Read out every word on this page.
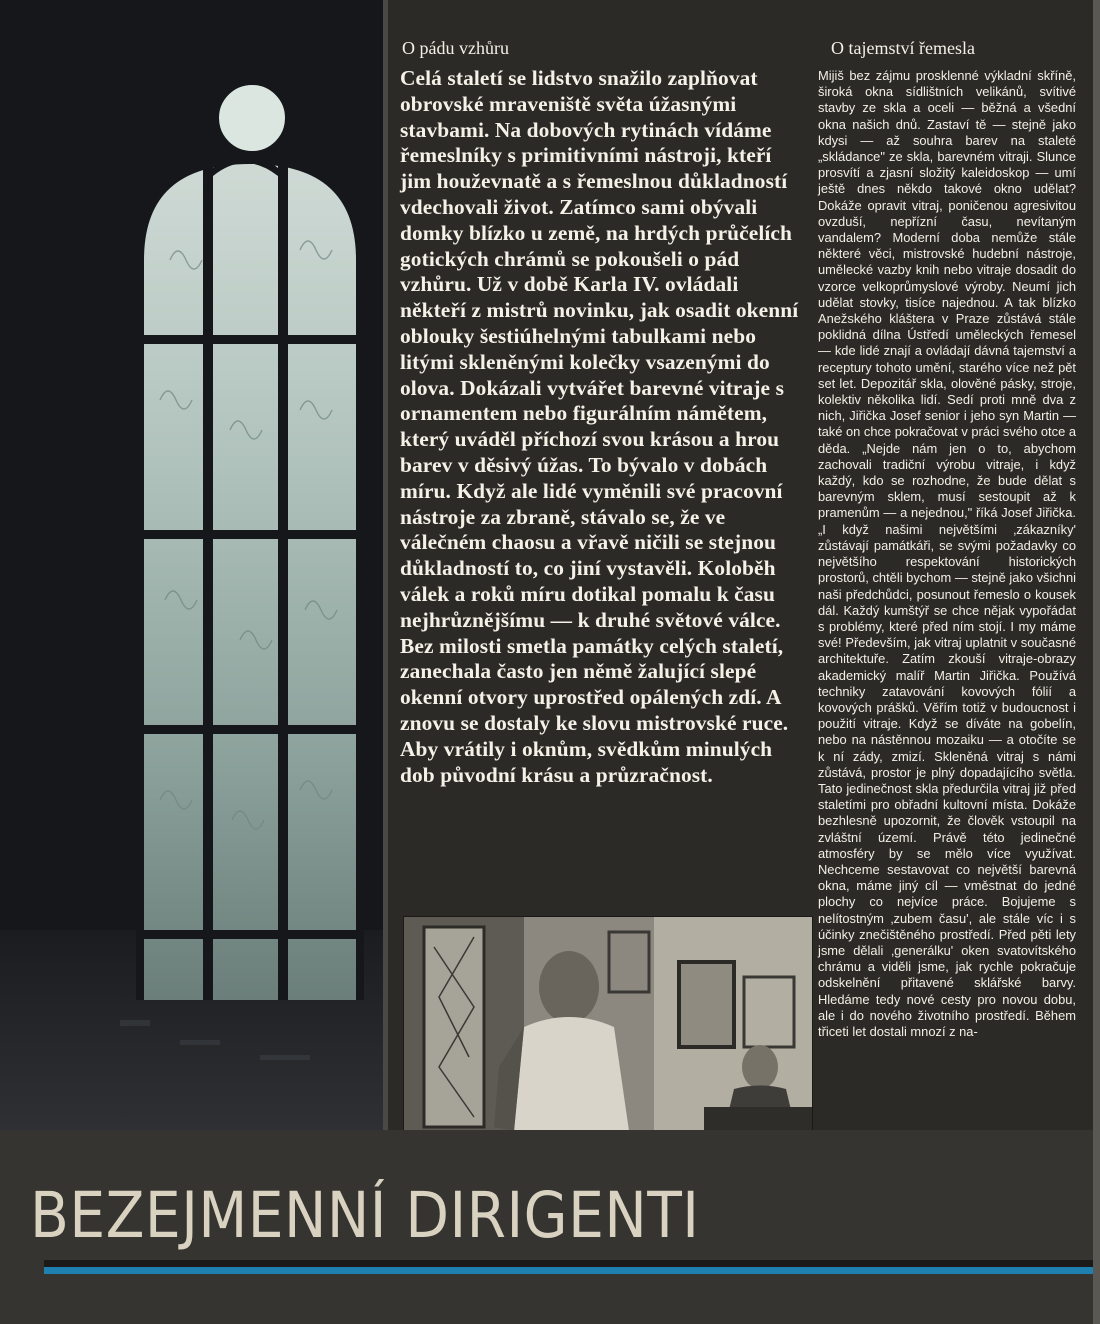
O pádu vzhůru

Celá staletí se lidstvo snažilo zaplňovat obrovské mraveniště světa úžasnými stavbami. Na dobových rytinách vídáme řemeslníky s primitivními nástroji, kteří jim houževnatě a s řemeslnou důkladností vdechovali život. Zatímco sami obývali domky blízko u země, na hrdých průčelích gotických chrámů se pokoušeli o pád vzhůru. Už v době Karla IV. ovládali někteří z mistrů novinku, jak osadit okenní oblouky šestiúhelnými tabulkami nebo litými skleněnými kolečky vsazenými do olova. Dokázali vytvářet barevné vitraje s ornamentem nebo figurálním námětem, který uváděl příchozí svou krásou a hrou barev v děsivý úžas. To bývalo v dobách míru. Když ale lidé vyměnili své pracovní nástroje za zbraně, stávalo se, že ve válečném chaosu a vřavě ničili se stejnou důkladností to, co jiní vystavěli. Koloběh válek a roků míru dotikal pomalu k času nejhrůznějšímu — k druhé světové válce. Bez milosti smetla památky celých staletí, zanechala často jen němě žalující slepé okenní otvory uprostřed opálených zdí. A znovu se dostaly ke slovu mistrovské ruce. Aby vrátily i oknům, svědkům minulých dob původní krásu a průzračnost.

O tajemství řemesla

Mijiš bez zájmu prosklenné výkladní skříně, široká okna sídlištních velikánů, svítivé stavby ze skla a oceli — běžná a všední okna našich dnů. Zastaví tě — stejně jako kdysi — až souhra barev na staleté „skládance" ze skla, barevném vitraji. Slunce prosvítí a zjasní složitý kaleidoskop — umí ještě dnes někdo takové okno udělat? Dokáže opravit vitraj, poničenou agresivitou ovzduší, nepřízní času, nevítaným vandalem? Moderní doba nemůže stále některé věci, mistrovské hudební nástroje, umělecké vazby knih nebo vitraje dosadit do vzorce velkoprůmyslové výroby. Neumí jich udělat stovky, tisíce najednou. A tak blízko Anežského kláštera v Praze zůstává stále poklidná dílna Ústředí uměleckých řemesel — kde lidé znají a ovládají dávná tajemství a receptury tohoto umění, starého více než pět set let. Depozitář skla, olověné pásky, stroje, kolektiv několika lidí. Sedí proti mně dva z nich, Jiřička Josef senior i jeho syn Martin — také on chce pokračovat v práci svého otce a děda. „Nejde nám jen o to, abychom zachovali tradiční výrobu vitraje, i když každý, kdo se rozhodne, že bude dělat s barevným sklem, musí sestoupit až k pramenům — a nejednou," říká Josef Jiřička. „I když našimi největšími ‚zákazníky' zůstávají památkáři, se svými požadavky co největšího respektování historických prostorů, chtěli bychom — stejně jako všichni naši předchůdci, posunout řemeslo o kousek dál. Každý kumštýř se chce nějak vypořádat s problémy, které před ním stojí. I my máme své! Především, jak vitraj uplatnit v současné architektuře. Zatím zkouší vitraje-obrazy akademický malíř Martin Jiřička. Používá techniky zatavování kovových fólií a kovových prášků. Věřím totiž v budoucnost i použití vitraje. Když se díváte na gobelín, nebo na nástěnnou mozaiku — a otočíte se k ní zády, zmizí. Skleněná vitraj s námi zůstává, prostor je plný dopadajícího světla. Tato jedinečnost skla předurčila vitraj již před staletími pro obřadní kultovní místa. Dokáže bezhlesně upozornit, že člověk vstoupil na zvláštní území. Právě této jedinečné atmosféry by se mělo více využívat. Nechceme sestavovat co největší barevná okna, máme jiný cíl — vměstnat do jedné plochy co nejvíce práce. Bojujeme s nelítostným ‚zubem času', ale stále víc i s účinky znečištěného prostředí. Před pěti lety jsme dělali ‚generálku' oken svatovítského chrámu a viděli jsme, jak rychle pokračuje odskelnění přitavené sklářské barvy. Hledáme tedy nové cesty pro novou dobu, ale i do nového životního prostředí. Během třiceti let dostali mnozí z na-

BEZEJMENNÍ DIRIGENTI
